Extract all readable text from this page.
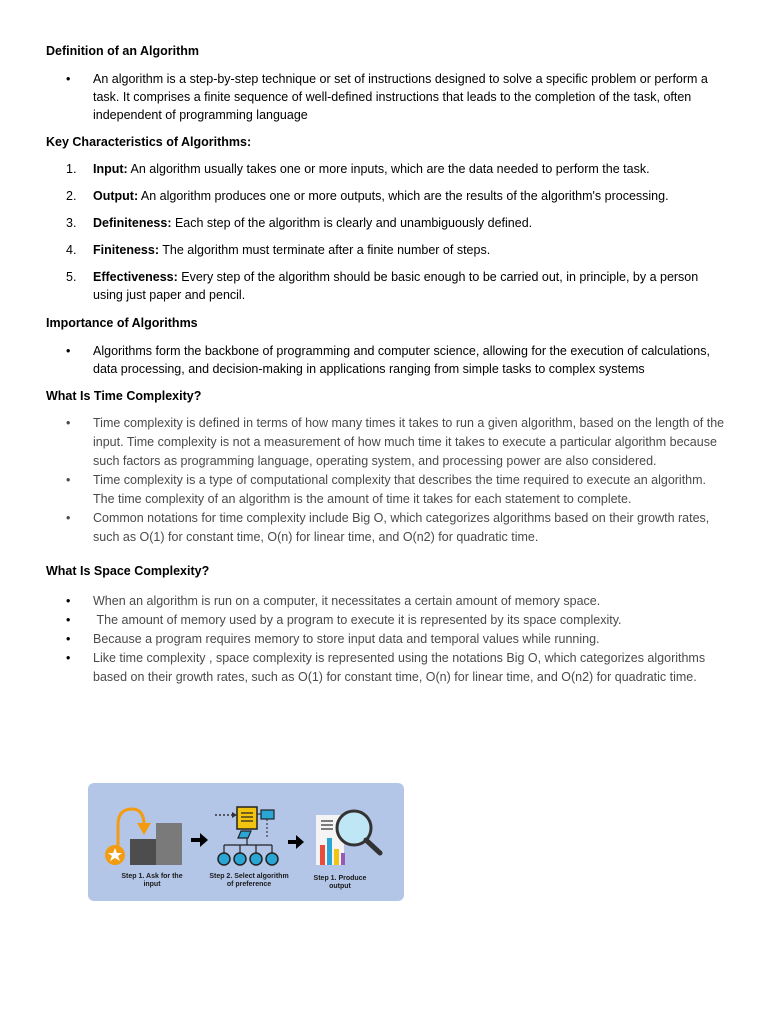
Definition of an Algorithm
•	An algorithm is a step-by-step technique or set of instructions designed to solve a specific problem or perform a task. It comprises a finite sequence of well-defined instructions that leads to the completion of the task, often independent of programming language
Key Characteristics of Algorithms:
1.	Input: An algorithm usually takes one or more inputs, which are the data needed to perform the task.
2.	Output: An algorithm produces one or more outputs, which are the results of the algorithm's processing.
3.	Definiteness: Each step of the algorithm is clearly and unambiguously defined.
4.	Finiteness: The algorithm must terminate after a finite number of steps.
5.	Effectiveness: Every step of the algorithm should be basic enough to be carried out, in principle, by a person using just paper and pencil.
Importance of Algorithms
•	Algorithms form the backbone of programming and computer science, allowing for the execution of calculations, data processing, and decision-making in applications ranging from simple tasks to complex systems
What Is Time Complexity?
•	Time complexity is defined in terms of how many times it takes to run a given algorithm, based on the length of the input. Time complexity is not a measurement of how much time it takes to execute a particular algorithm because such factors as programming language, operating system, and processing power are also considered.
•	Time complexity is a type of computational complexity that describes the time required to execute an algorithm. The time complexity of an algorithm is the amount of time it takes for each statement to complete.
•	Common notations for time complexity include Big O, which categorizes algorithms based on their growth rates, such as O(1) for constant time, O(n) for linear time, and O(n2) for quadratic time.
What Is Space Complexity?
•	When an algorithm is run on a computer, it necessitates a certain amount of memory space.
•	The amount of memory used by a program to execute it is represented by its space complexity.
•	Because a program requires memory to store input data and temporal values while running.
•	Like time complexity , space complexity is represented using the notations Big O, which categorizes algorithms based on their growth rates, such as O(1) for constant time, O(n) for linear time, and O(n2) for quadratic time.
Step 1. Ask for the
input
Step 2. Select algorithm
of preference
Step 1. Produce
output
